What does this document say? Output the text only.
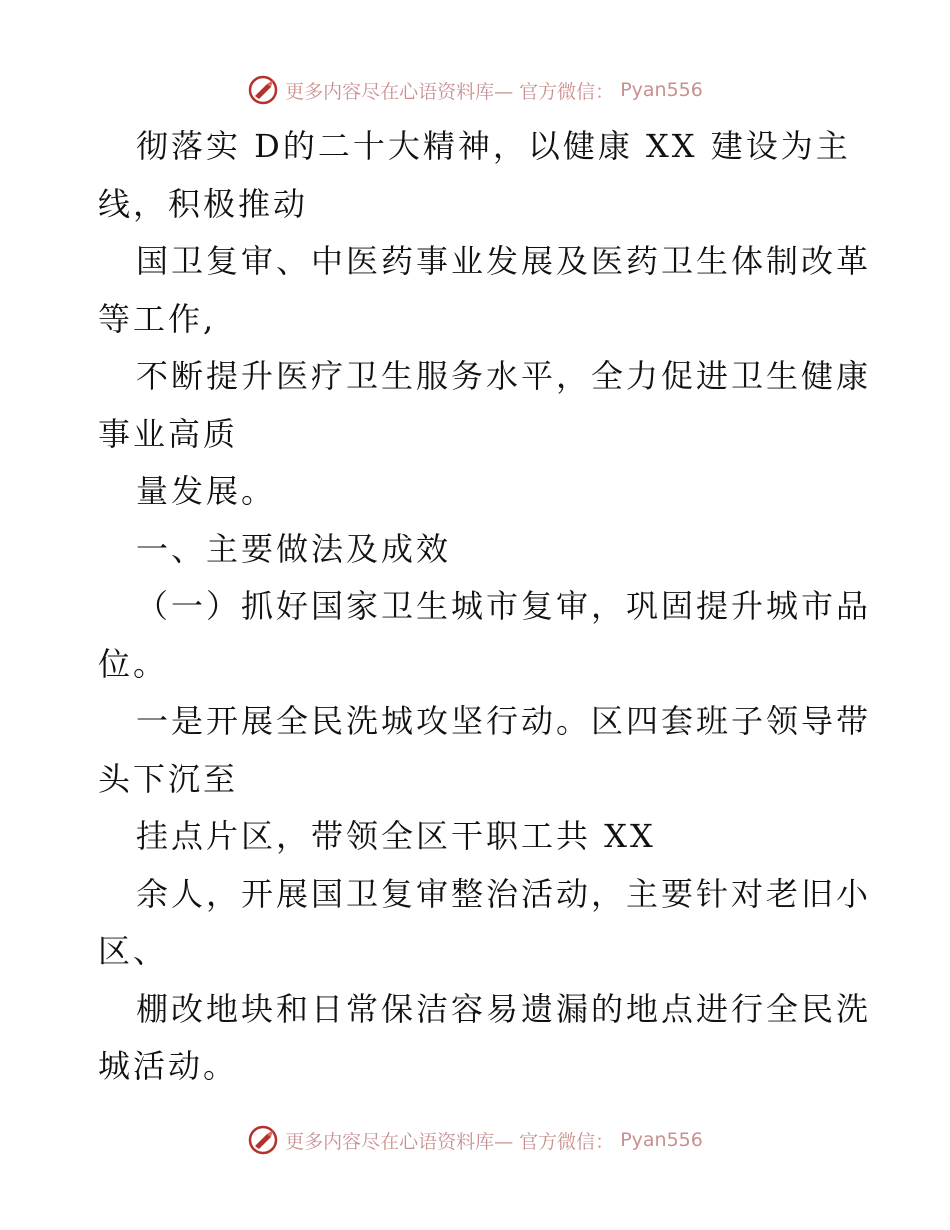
更多内容尽在心语资料库— 官方微信： Pyan556
彻落实 D的二十大精神，以健康 XX 建设为主
线，积极推动
国卫复审、中医药事业发展及医药卫生体制改革
等工作,
不断提升医疗卫生服务水平，全力促进卫生健康
事业高质
量发展。
一、主要做法及成效
（一）抓好国家卫生城市复审，巩固提升城市品
位。
一是开展全民洗城攻坚行动。区四套班子领导带
头下沉至
挂点片区，带领全区干职工共 XX
余人，开展国卫复审整治活动，主要针对老旧小
区、
棚改地块和日常保洁容易遗漏的地点进行全民洗
城活动。
更多内容尽在心语资料库— 官方微信： Pyan556
